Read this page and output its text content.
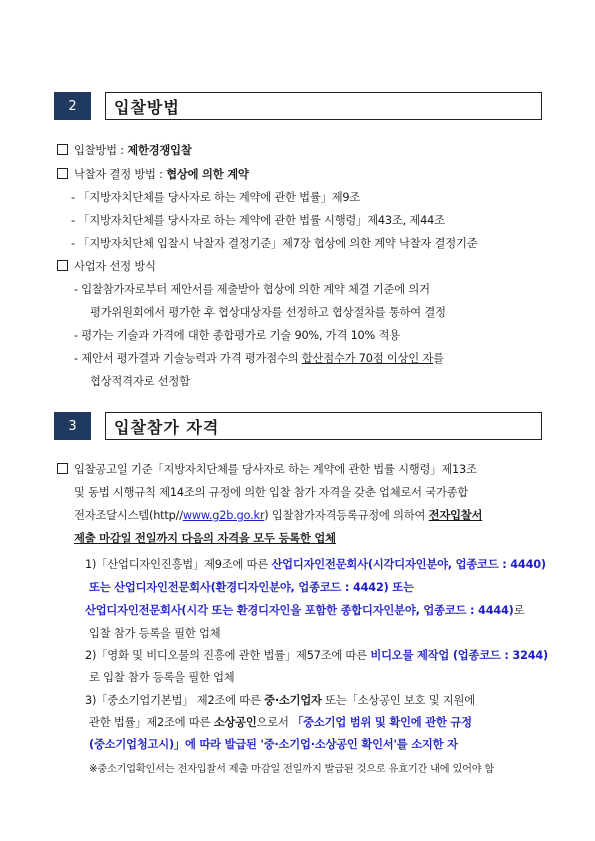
2	입찰방법
입찰방법 : 제한경쟁입찰
낙찰자 결정 방법 : 협상에 의한 계약
- 「지방자치단체를 당사자로 하는 계약에 관한 법률」제9조
- 「지방자치단체를 당사자로 하는 계약에 관한 법률 시행령」제43조, 제44조
- 「지방자치단체 입찰시 낙찰자 결정기준」제7장 협상에 의한 계약 낙찰자 결정기준
사업자 선정 방식
- 입찰참가자로부터 제안서를 제출받아 협상에 의한 계약 체결 기준에 의거
평가위원회에서 평가한 후 협상대상자를 선정하고 협상절차를 통하여 결정
- 평가는 기술과 가격에 대한 종합평가로 기술 90%, 가격 10% 적용
- 제안서 평가결과 기술능력과 가격 평가점수의 합산점수가 70점 이상인 자를
협상적격자로 선정함
3	입찰참가 자격
입찰공고일 기준「지방자치단체를 당사자로 하는 계약에 관한 법률 시행령」제13조
및 동법 시행규칙 제14조의 규정에 의한 입찰 참가 자격을 갖춘 업체로서 국가종합
전자조달시스템(http//www.g2b.go.kr) 입찰참가자격등록규정에 의하여 전자입찰서
제출 마감일 전일까지 다음의 자격을 모두 등록한 업체
1)「산업디자인진흥법」제9조에 따른 산업디자인전문회사(시각디자인분야, 업종코드 : 4440)
또는 산업디자인전문회사(환경디자인분야, 업종코드 : 4442) 또는
산업디자인전문회사(시각 또는 환경디자인을 포함한 종합디자인분야, 업종코드 : 4444)로
입찰 참가 등록을 필한 업체
2)「영화 및 비디오물의 진흥에 관한 법률」제57조에 따른 비디오물 제작업 (업종코드 : 3244)
로 입찰 참가 등록을 필한 업체
3)「중소기업기본법」 제2조에 따른 중·소기업자 또는「소상공인 보호 및 지원에
관한 법률」제2조에 따른 소상공인으로서 「중소기업 범위 및 확인에 관한 규정
(중소기업청고시)」에 따라 발급된 '중·소기업·소상공인 확인서'를 소지한 자
※중소기업확인서는 전자입찰서 제출 마감일 전일까지 발급된 것으로 유효기간 내에 있어야 함
